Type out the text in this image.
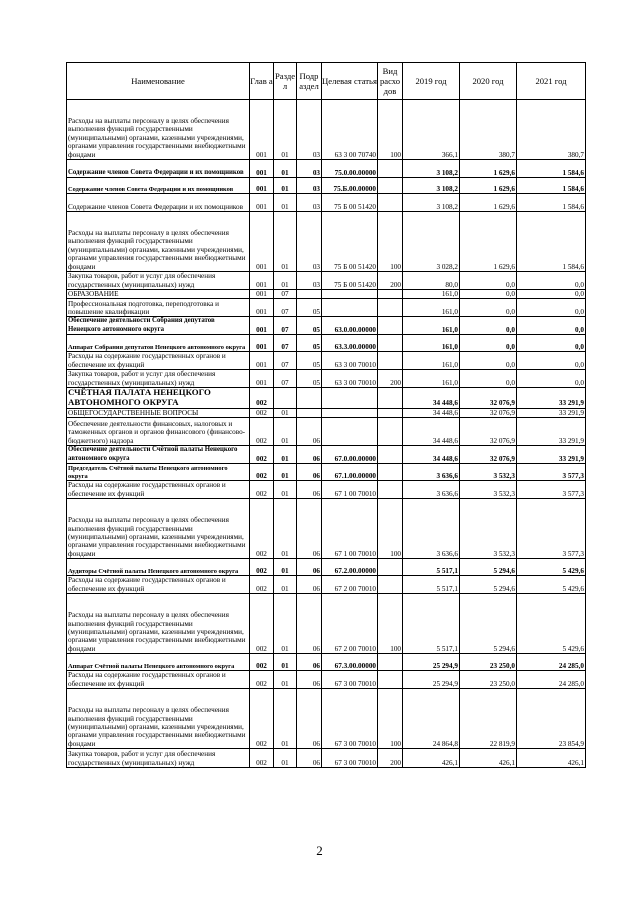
Наименование	Глав а	Разде л	Подр аздел	Целевая статья	Вид расхо дов	2019 год	2020 год	2021 год
Расходы на выплаты персоналу в целях обеспечения выполнения функций государственными (муниципальными) органами, казенными учреждениями, органами управления государственными внебюджетными фондами	001	01	03	63 3 00 70740	100	366,1	380,7	380,7
Содержание членов Совета Федерации и их помощников	001	01	03	75.0.00.00000		3 108,2	1 629,6	1 584,6
Содержание членов Совета Федерации и их помощников	001	01	03	75.Б.00.00000		3 108,2	1 629,6	1 584,6
Содержание членов Совета Федерации и их помощников	001	01	03	75 Б 00 51420		3 108,2	1 629,6	1 584,6
Расходы на выплаты персоналу в целях обеспечения выполнения функций государственными (муниципальными) органами, казенными учреждениями, органами управления государственными внебюджетными фондами	001	01	03	75 Б 00 51420	100	3 028,2	1 629,6	1 584,6
Закупка товаров, работ и услуг для обеспечения государственных (муниципальных) нужд	001	01	03	75 Б 00 51420	200	80,0	0,0	0,0
ОБРАЗОВАНИЕ	001	07				161,0	0,0	0,0
Профессиональная подготовка, переподготовка и повышение квалификации	001	07	05			161,0	0,0	0,0
Обеспечение деятельности Собрания депутатов Ненецкого автономного округа	001	07	05	63.0.00.00000		161,0	0,0	0,0
Аппарат Собрания депутатов Ненецкого автономного округа	001	07	05	63.3.00.00000		161,0	0,0	0,0
Расходы на содержание государственных органов и обеспечение их функций	001	07	05	63 3 00 70010		161,0	0,0	0,0
Закупка товаров, работ и услуг для обеспечения государственных (муниципальных) нужд	001	07	05	63 3 00 70010	200	161,0	0,0	0,0
СЧЁТНАЯ ПАЛАТА НЕНЕЦКОГО АВТОНОМНОГО ОКРУГА	002					34 448,6	32 076,9	33 291,9
ОБЩЕГОСУДАРСТВЕННЫЕ ВОПРОСЫ	002	01				34 448,6	32 076,9	33 291,9
Обеспечение деятельности финансовых, налоговых и таможенных органов и органов финансового (финансово-бюджетного) надзора	002	01	06			34 448,6	32 076,9	33 291,9
Обеспечение деятельности Счётной палаты Ненецкого автономного округа	002	01	06	67.0.00.00000		34 448,6	32 076,9	33 291,9
Председатель Счётной палаты Ненецкого автономного округа	002	01	06	67.1.00.00000		3 636,6	3 532,3	3 577,3
Расходы на содержание государственных органов и обеспечение их функций	002	01	06	67 1 00 70010		3 636,6	3 532,3	3 577,3
Расходы на выплаты персоналу в целях обеспечения выполнения функций государственными (муниципальными) органами, казенными учреждениями, органами управления государственными внебюджетными фондами	002	01	06	67 1 00 70010	100	3 636,6	3 532,3	3 577,3
Аудиторы Счётной палаты Ненецкого автономного округа	002	01	06	67.2.00.00000		5 517,1	5 294,6	5 429,6
Расходы на содержание государственных органов и обеспечение их функций	002	01	06	67 2 00 70010		5 517,1	5 294,6	5 429,6
Расходы на выплаты персоналу в целях обеспечения выполнения функций государственными (муниципальными) органами, казенными учреждениями, органами управления государственными внебюджетными фондами	002	01	06	67 2 00 70010	100	5 517,1	5 294,6	5 429,6
Аппарат Счётной палаты Ненецкого автономного округа	002	01	06	67.3.00.00000		25 294,9	23 250,0	24 285,0
Расходы на содержание государственных органов и обеспечение их функций	002	01	06	67 3 00 70010		25 294,9	23 250,0	24 285,0
Расходы на выплаты персоналу в целях обеспечения выполнения функций государственными (муниципальными) органами, казенными учреждениями, органами управления государственными внебюджетными фондами	002	01	06	67 3 00 70010	100	24 864,8	22 819,9	23 854,9
Закупка товаров, работ и услуг для обеспечения государственных (муниципальных) нужд	002	01	06	67 3 00 70010	200	426,1	426,1	426,1
2
